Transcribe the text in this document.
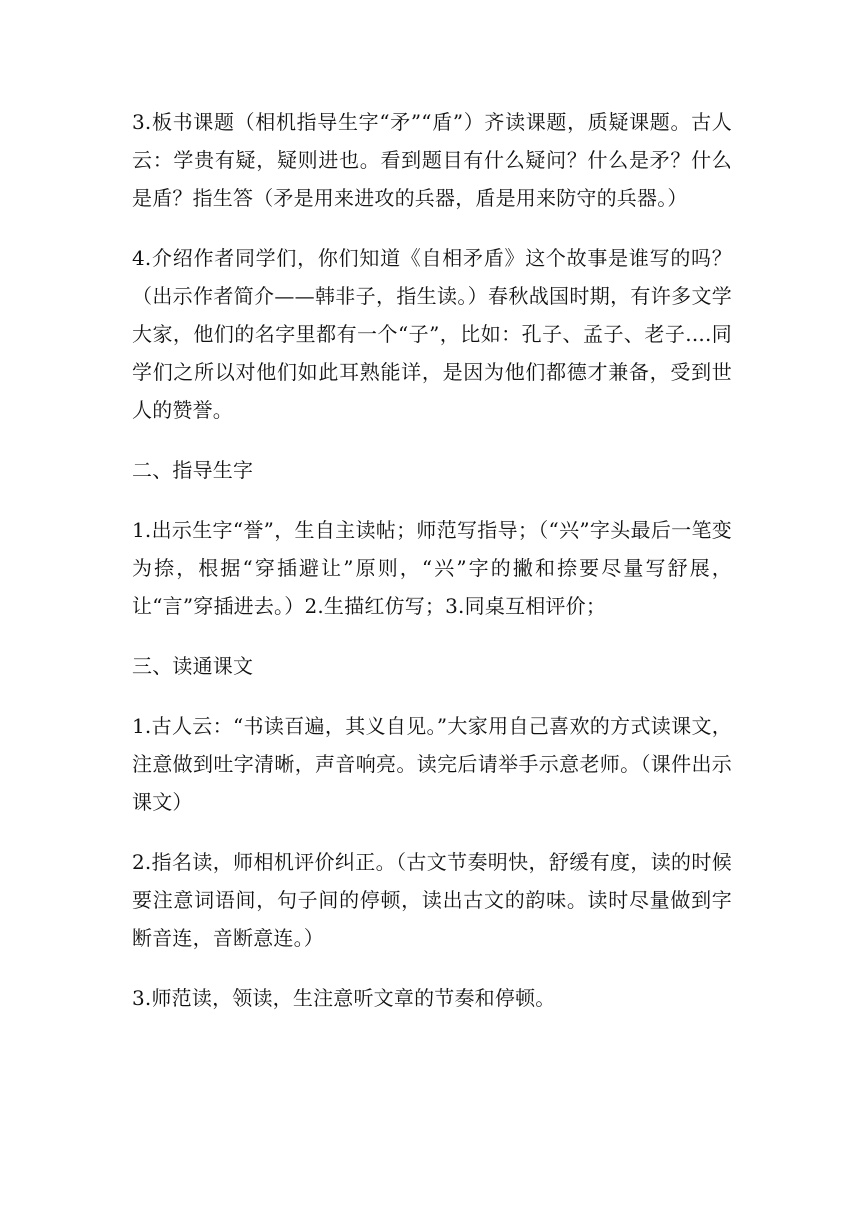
3.板书课题（相机指导生字“矛”“盾”）齐读课题，质疑课题。古人云：学贵有疑，疑则进也。看到题目有什么疑问？什么是矛？什么是盾？指生答（矛是用来进攻的兵器，盾是用来防守的兵器。）

4.介绍作者同学们，你们知道《自相矛盾》这个故事是谁写的吗？（出示作者简介——韩非子，指生读。）春秋战国时期，有许多文学大家，他们的名字里都有一个“子”，比如：孔子、孟子、老子....同学们之所以对他们如此耳熟能详，是因为他们都德才兼备，受到世人的赞誉。

二、指导生字

1.出示生字“誉”，生自主读帖；师范写指导；（“兴”字头最后一笔变为捺，根据“穿插避让”原则，“兴”字的撇和捺要尽量写舒展，让“言”穿插进去。）2.生描红仿写；3.同桌互相评价；

三、读通课文

1.古人云：“书读百遍，其义自见。”大家用自己喜欢的方式读课文，注意做到吐字清晰，声音响亮。读完后请举手示意老师。（课件出示课文）

2.指名读，师相机评价纠正。（古文节奏明快，舒缓有度，读的时候要注意词语间，句子间的停顿，读出古文的韵味。读时尽量做到字断音连，音断意连。）

3.师范读，领读，生注意听文章的节奏和停顿。
